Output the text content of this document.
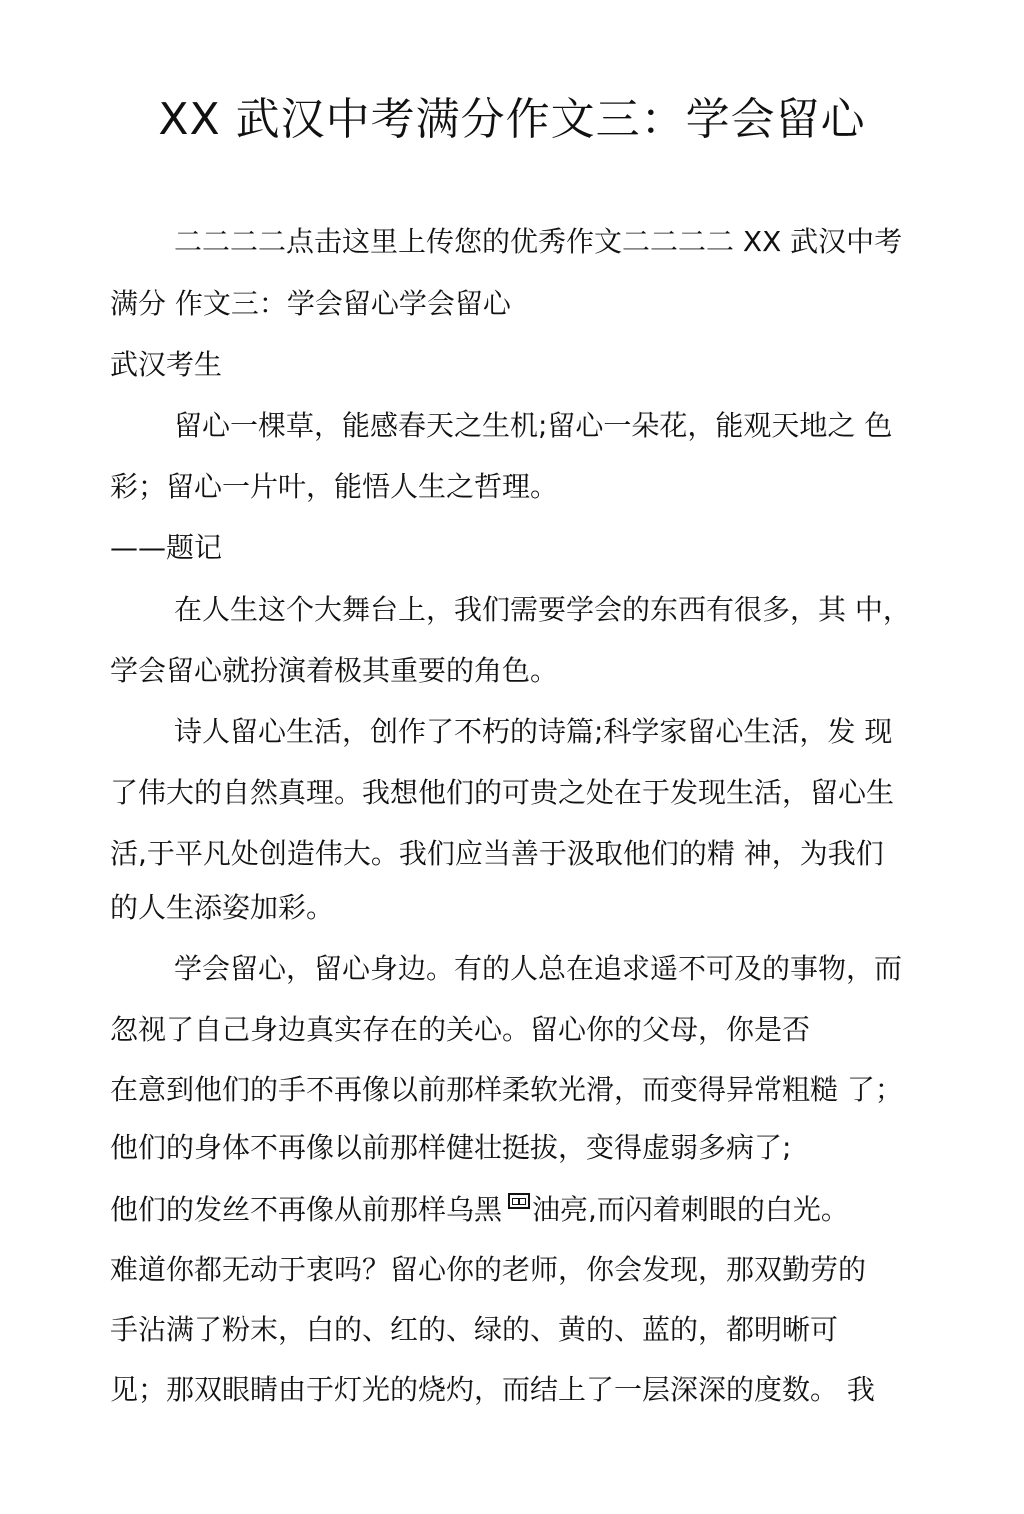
XX 武汉中考满分作文三：学会留心

二二二二点击这里上传您的优秀作文二二二二 XX 武汉中考

满分 作文三：学会留心学会留心

武汉考生

留心一棵草，能感春天之生机;留心一朵花，能观天地之 色

彩；留心一片叶，能悟人生之哲理。

——题记

在人生这个大舞台上，我们需要学会的东西有很多，其 中，

学会留心就扮演着极其重要的角色。

诗人留心生活，创作了不朽的诗篇;科学家留心生活，发 现

了伟大的自然真理。我想他们的可贵之处在于发现生活，留心生

活,于平凡处创造伟大。我们应当善于汲取他们的精 神，为我们

的人生添姿加彩。

学会留心，留心身边。有的人总在追求遥不可及的事物，而

忽视了自己身边真实存在的关心。留心你的父母，你是否

在意到他们的手不再像以前那样柔软光滑，而变得异常粗糙 了；

他们的身体不再像以前那样健壮挺拔，变得虚弱多病了;

他们的发丝不再像从前那样乌黑 油亮,而闪着刺眼的白光。

难道你都无动于衷吗？留心你的老师，你会发现，那双勤劳的

手沾满了粉末，白的、红的、绿的、黄的、蓝的，都明晰可

见；那双眼睛由于灯光的烧灼，而结上了一层深深的度数。 我
